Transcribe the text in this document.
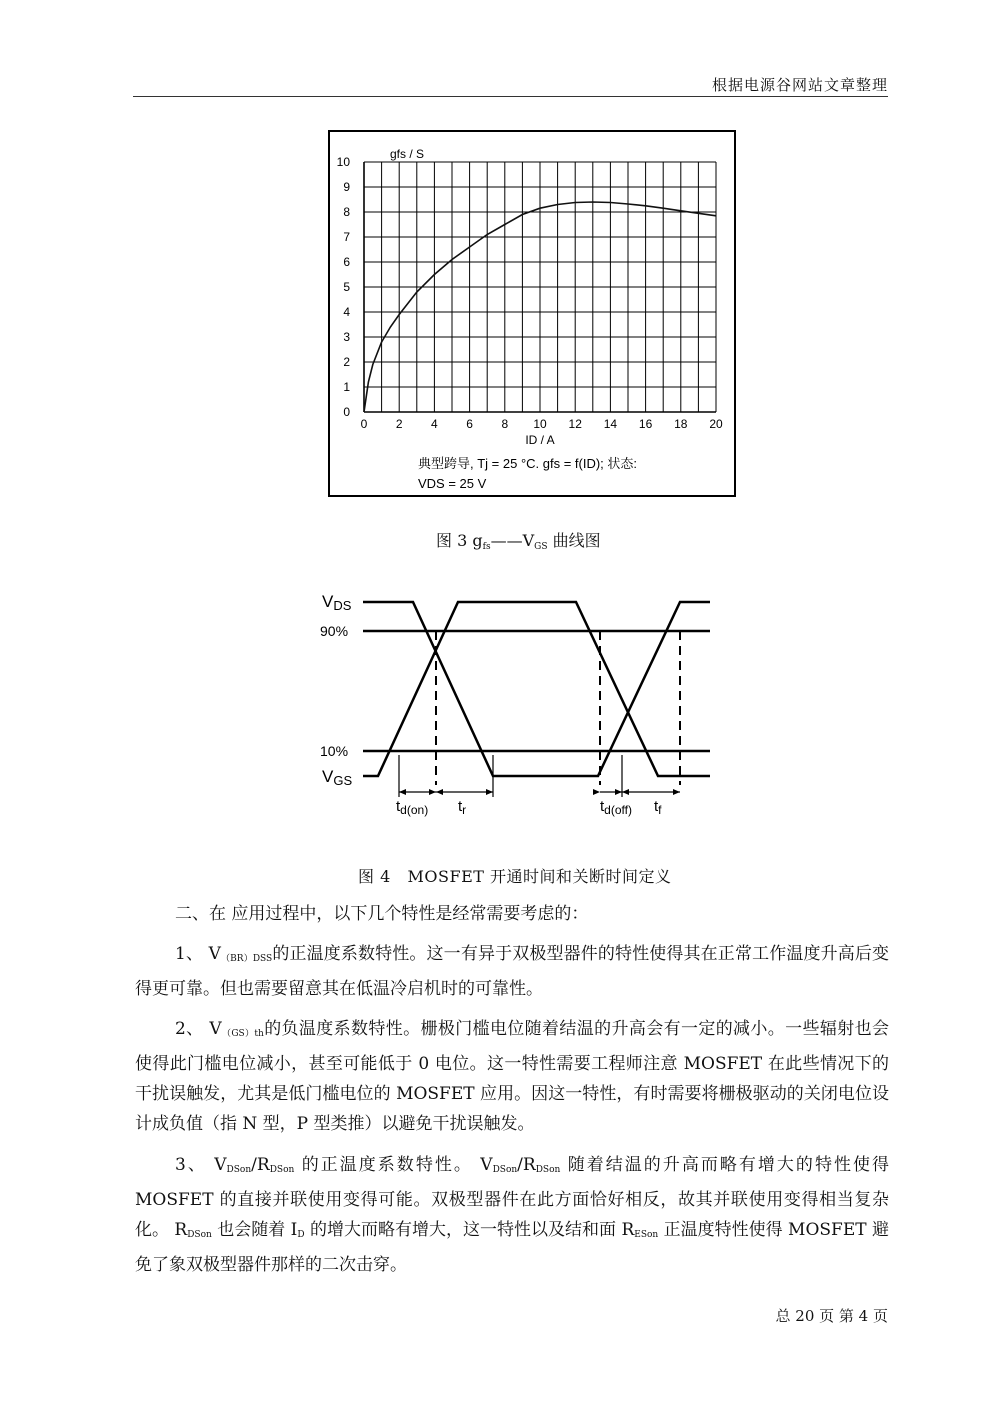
根据电源谷网站文章整理
0
1
2
3
4
5
6
7
8
9
10
0 2 4 6 8 10 12 14 16 18 20
gfs / S
ID / A
典型跨导, Tj = 25 °C. gfs = f(ID); 状态:
VDS = 25 V
图 3 $g_{fs}——V_{GS}$ 曲线图
VDS
90%
10%
VGS
$t_{d(on)}$ $t_r$	$t_{d(off)}$ $t_f$
图 4 MOSFET 开通时间和关断时间定义
二、在 应用过程中，以下几个特性是经常需要考虑的：
1、 V（BR）DSS的正温度系数特性。这一有异于双极型器件的特性使得其在正常工作温度升高后变得更可靠。但也需要留意其在低温冷启机时的可靠性。
2、 V（GS）th的负温度系数特性。栅极门槛电位随着结温的升高会有一定的减小。一些辐射也会使得此门槛电位减小，甚至可能低于 0 电位。这一特性需要工程师注意 MOSFET 在此些情况下的干扰误触发，尤其是低门槛电位的 MOSFET 应用。因这一特性，有时需要将栅极驱动的关闭电位设计成负值（指 N 型，P 型类推）以避免干扰误触发。
3、 VDSon/RDSon 的正温度系数特性。 VDSon/RDSon 随着结温的升高而略有增大的特性使得 MOSFET 的直接并联使用变得可能。双极型器件在此方面恰好相反，故其并联使用变得相当复杂化。 RDSon 也会随着 ID 的增大而略有增大，这一特性以及结和面 RESon 正温度特性使得 MOSFET 避免了象双极型器件那样的二次击穿。
总 20 页 第 4 页
